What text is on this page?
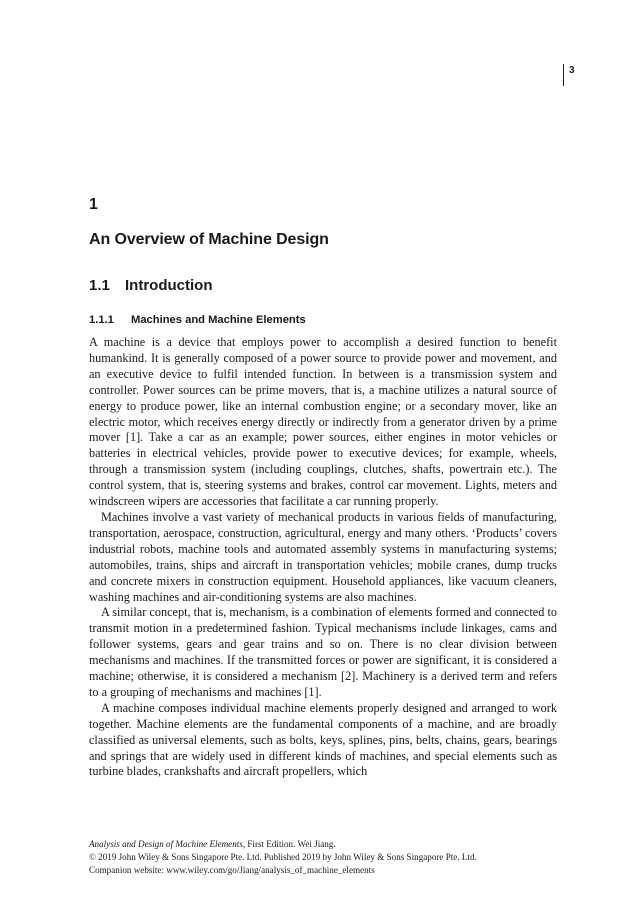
3
1
An Overview of Machine Design
1.1 Introduction
1.1.1 Machines and Machine Elements

A machine is a device that employs power to accomplish a desired function to benefit humankind. It is generally composed of a power source to provide power and movement, and an executive device to fulfil intended function. In between is a transmission system and controller. Power sources can be prime movers, that is, a machine utilizes a natural source of energy to produce power, like an internal combustion engine; or a secondary mover, like an electric motor, which receives energy directly or indirectly from a generator driven by a prime mover [1]. Take a car as an example; power sources, either engines in motor vehicles or batteries in electrical vehicles, provide power to executive devices; for example, wheels, through a transmission system (including couplings, clutches, shafts, powertrain etc.). The control system, that is, steering systems and brakes, control car movement. Lights, meters and windscreen wipers are accessories that facilitate a car running properly.

Machines involve a vast variety of mechanical products in various fields of manufacturing, transportation, aerospace, construction, agricultural, energy and many others. ‘Products’ covers industrial robots, machine tools and automated assembly systems in manufacturing systems; automobiles, trains, ships and aircraft in transportation vehicles; mobile cranes, dump trucks and concrete mixers in construction equipment. Household appliances, like vacuum cleaners, washing machines and air-conditioning systems are also machines.

A similar concept, that is, mechanism, is a combination of elements formed and connected to transmit motion in a predetermined fashion. Typical mechanisms include linkages, cams and follower systems, gears and gear trains and so on. There is no clear division between mechanisms and machines. If the transmitted forces or power are significant, it is considered a machine; otherwise, it is considered a mechanism [2]. Machinery is a derived term and refers to a grouping of mechanisms and machines [1].

A machine composes individual machine elements properly designed and arranged to work together. Machine elements are the fundamental components of a machine, and are broadly classified as universal elements, such as bolts, keys, splines, pins, belts, chains, gears, bearings and springs that are widely used in different kinds of machines, and special elements such as turbine blades, crankshafts and aircraft propellers, which

Analysis and Design of Machine Elements, First Edition. Wei Jiang.
© 2019 John Wiley & Sons Singapore Pte. Ltd. Published 2019 by John Wiley & Sons Singapore Pte. Ltd.
Companion website: www.wiley.com/go/Jiang/analysis_of_machine_elements
